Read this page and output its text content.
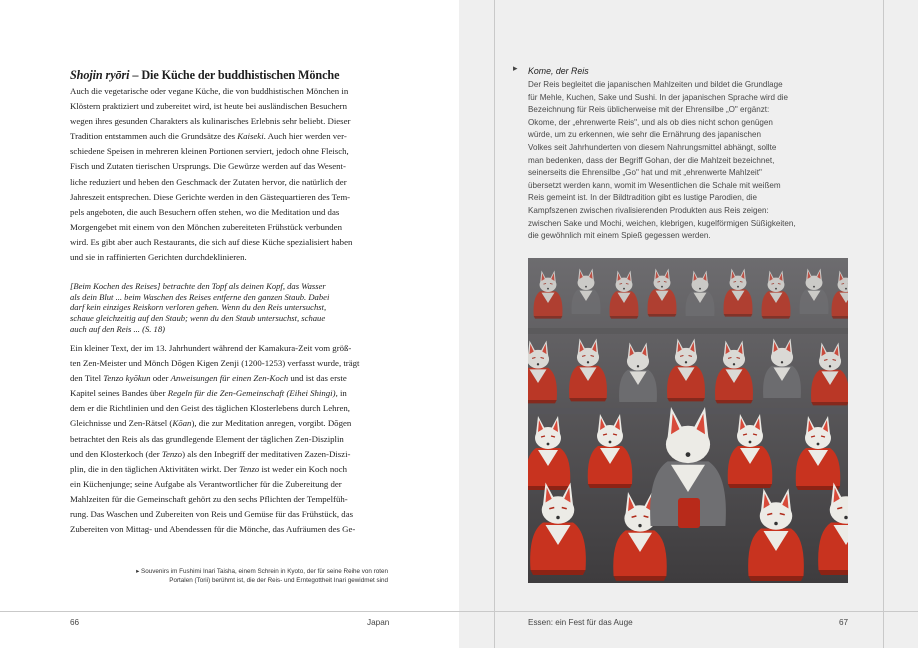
Shojin ryōri – Die Küche der buddhistischen Mönche
Auch die vegetarische oder vegane Küche, die von buddhistischen Mönchen in
Klöstern praktiziert und zubereitet wird, ist heute bei ausländischen Besuchern
wegen ihres gesunden Charakters als kulinarisches Erlebnis sehr beliebt. Dieser
Tradition entstammen auch die Grundsätze des Kaiseki. Auch hier werden ver-
schiedene Speisen in mehreren kleinen Portionen serviert, jedoch ohne Fleisch,
Fisch und Zutaten tierischen Ursprungs. Die Gewürze werden auf das Wesent-
liche reduziert und heben den Geschmack der Zutaten hervor, die natürlich der
Jahreszeit entsprechen. Diese Gerichte werden in den Gästequartieren des Tem-
pels angeboten, die auch Besuchern offen stehen, wo die Meditation und das
Morgengebet mit einem von den Mönchen zubereiteten Frühstück verbunden
wird. Es gibt aber auch Restaurants, die sich auf diese Küche spezialisiert haben
und sie in raffinierten Gerichten durchdeklinieren.
[Beim Kochen des Reises] betrachte den Topf als deinen Kopf, das Wasser
als dein Blut ... beim Waschen des Reises entferne den ganzen Staub. Dabei
darf kein einziges Reiskorn verloren gehen. Wenn du den Reis untersuchst,
schaue gleichzeitig auf den Staub; wenn du den Staub untersuchst, schaue
auch auf den Reis ... (S. 18)
Ein kleiner Text, der im 13. Jahrhundert während der Kamakura-Zeit vom größ-
ten Zen-Meister und Mönch Dōgen Kigen Zenji (1200-1253) verfasst wurde, trägt
den Titel Tenzo kyōkun oder Anweisungen für einen Zen-Koch und ist das erste
Kapitel seines Bandes über Regeln für die Zen-Gemeinschaft (Eihei Shingi), in
dem er die Richtlinien und den Geist des täglichen Klosterlebens durch Lehren,
Gleichnisse und Zen-Rätsel (Kōan), die zur Meditation anregen, vorgibt. Dōgen
betrachtet den Reis als das grundlegende Element der täglichen Zen-Disziplin
und den Klosterkoch (der Tenzo) als den Inbegriff der meditativen Zazen-Diszi-
plin, die in den täglichen Aktivitäten wirkt. Der Tenzo ist weder ein Koch noch
ein Küchenjunge; seine Aufgabe als Verantwortlicher für die Zubereitung der
Mahlzeiten für die Gemeinschaft gehört zu den sechs Pflichten der Tempelfüh-
rung. Das Waschen und Zubereiten von Reis und Gemüse für das Frühstück, das
Zubereiten von Mittag- und Abendessen für die Mönche, das Aufräumen des Ge-
▸ Souvenirs im Fushimi Inari Taisha, einem Schrein in Kyoto, der für seine Reihe von roten
Portalen (Torii) berühmt ist, die der Reis- und Erntegottheit Inari gewidmet sind
66	Japan
▸ Kome, der Reis
Der Reis begleitet die japanischen Mahlzeiten und bildet die Grundlage
für Mehle, Kuchen, Sake und Sushi. In der japanischen Sprache wird die
Bezeichnung für Reis üblicherweise mit der Ehrensilbe „O" ergänzt:
Okome, der „ehrenwerte Reis", und als ob dies nicht schon genügen
würde, um zu erkennen, wie sehr die Ernährung des japanischen
Volkes seit Jahrhunderten von diesem Nahrungsmittel abhängt, sollte
man bedenken, dass der Begriff Gohan, der die Mahlzeit bezeichnet,
seinerseits die Ehrensilbe „Go" hat und mit „ehrenwerte Mahlzeit"
übersetzt werden kann, womit im Wesentlichen die Schale mit weißem
Reis gemeint ist. In der Bildtradition gibt es lustige Parodien, die
Kampfszenen zwischen rivalisierenden Produkten aus Reis zeigen:
zwischen Sake und Mochi, weichen, klebrigen, kugelförmigen Süßigkeiten,
die gewöhnlich mit einem Spieß gegessen werden.
Essen: ein Fest für das Auge	67
